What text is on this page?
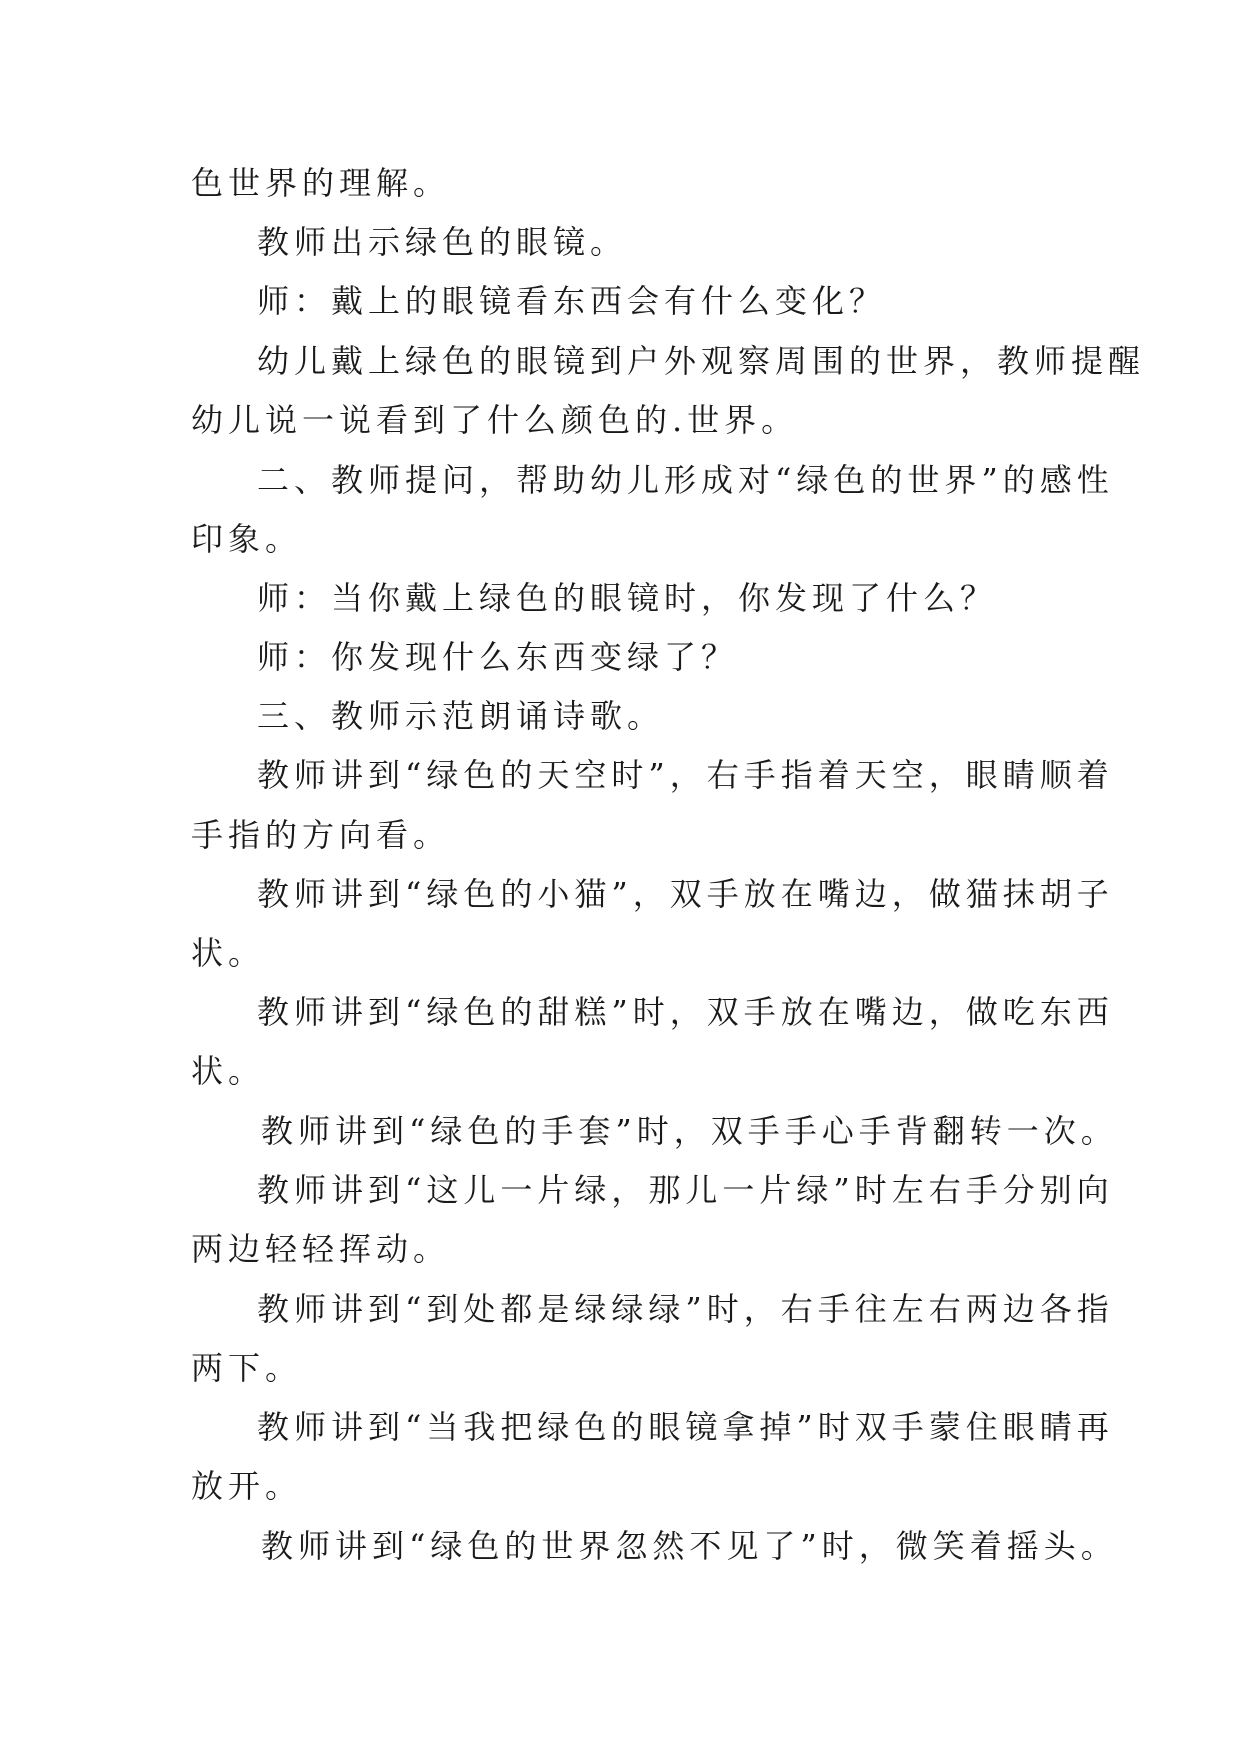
色世界的理解。
教师出示绿色的眼镜。
师：戴上的眼镜看东西会有什么变化？
幼儿戴上绿色的眼镜到户外观察周围的世界，教师提醒
幼儿说一说看到了什么颜色的.世界。
二、教师提问，帮助幼儿形成对“绿色的世界”的感性
印象。
师：当你戴上绿色的眼镜时，你发现了什么？
师：你发现什么东西变绿了？
三、教师示范朗诵诗歌。
教师讲到“绿色的天空时”，右手指着天空，眼睛顺着
手指的方向看。
教师讲到“绿色的小猫”，双手放在嘴边，做猫抹胡子
状。
教师讲到“绿色的甜糕”时，双手放在嘴边，做吃东西
状。
教师讲到“绿色的手套”时，双手手心手背翻转一次。
教师讲到“这儿一片绿，那儿一片绿”时左右手分别向
两边轻轻挥动。
教师讲到“到处都是绿绿绿”时，右手往左右两边各指
两下。
教师讲到“当我把绿色的眼镜拿掉”时双手蒙住眼睛再
放开。
教师讲到“绿色的世界忽然不见了”时，微笑着摇头。
